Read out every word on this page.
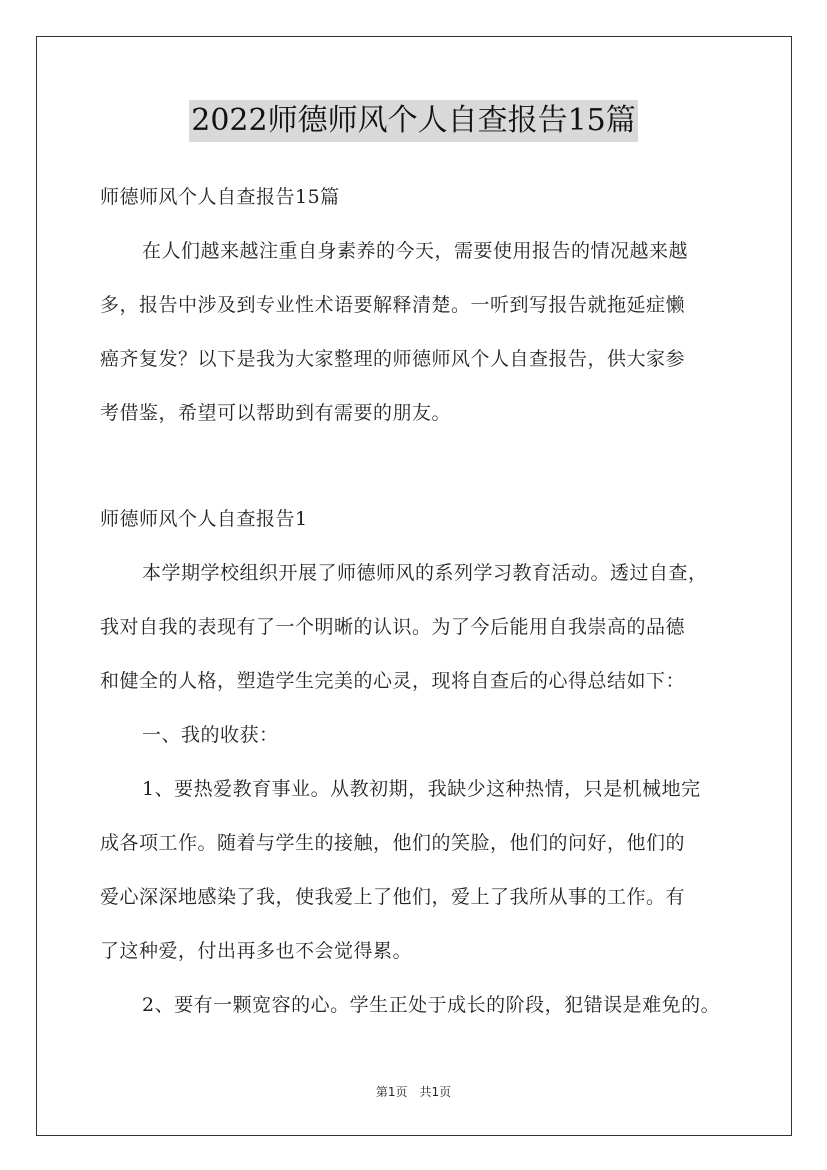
2022师德师风个人自查报告15篇
师德师风个人自查报告15篇
在人们越来越注重自身素养的今天，需要使用报告的情况越来越
多，报告中涉及到专业性术语要解释清楚。一听到写报告就拖延症懒
癌齐复发？以下是我为大家整理的师德师风个人自查报告，供大家参
考借鉴，希望可以帮助到有需要的朋友。
师德师风个人自查报告1
本学期学校组织开展了师德师风的系列学习教育活动。透过自查，
我对自我的表现有了一个明晰的认识。为了今后能用自我崇高的品德
和健全的人格，塑造学生完美的心灵，现将自查后的心得总结如下：
一、我的收获：
1、要热爱教育事业。从教初期，我缺少这种热情，只是机械地完
成各项工作。随着与学生的接触，他们的笑脸，他们的问好，他们的
爱心深深地感染了我，使我爱上了他们，爱上了我所从事的工作。有
了这种爱，付出再多也不会觉得累。
2、要有一颗宽容的心。学生正处于成长的阶段，犯错误是难免的。
第1页 共1页
